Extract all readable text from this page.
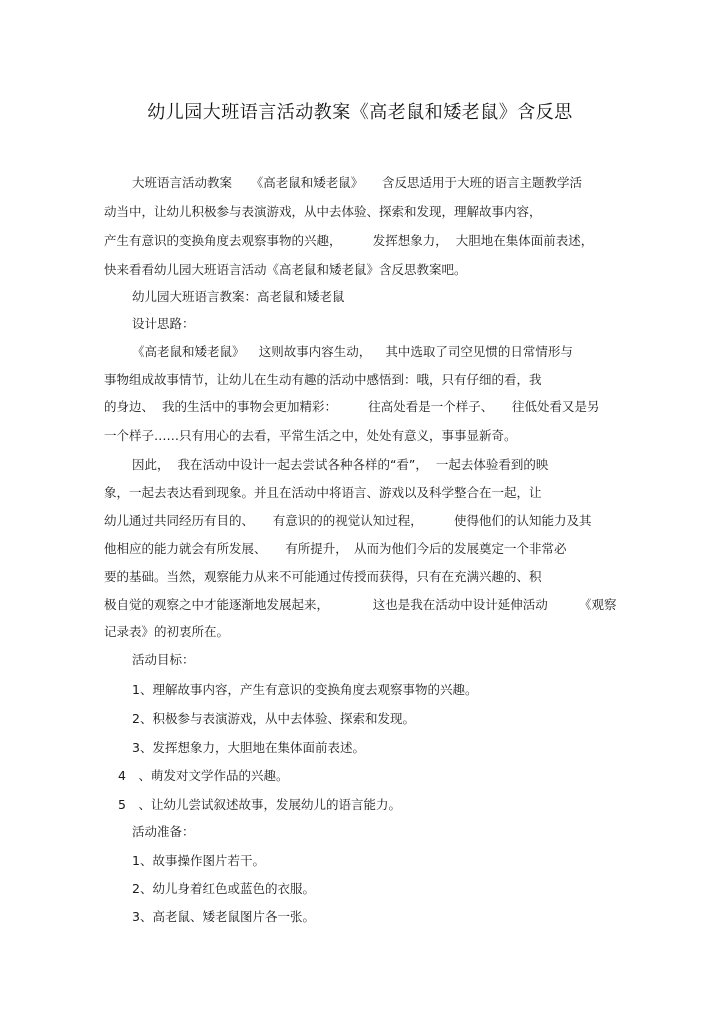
幼儿园大班语言活动教案《高老鼠和矮老鼠》含反思
大班语言活动教案　　《高老鼠和矮老鼠》　　含反思适用于大班的语言主题教学活
动当中，让幼儿积极参与表演游戏，从中去体验、探索和发现，理解故事内容，
产生有意识的变换角度去观察事物的兴趣，　　　发挥想象力，  大胆地在集体面前表述，
快来看看幼儿园大班语言活动《高老鼠和矮老鼠》含反思教案吧。
幼儿园大班语言教案：高老鼠和矮老鼠
设计思路：
《高老鼠和矮老鼠》　  这则故事内容生动，　  其中选取了司空见惯的日常情形与
事物组成故事情节，让幼儿在生动有趣的活动中感悟到：哦，只有仔细的看，我
的身边、  我的生活中的事物会更加精彩：　　　往高处看是一个样子、　　往低处看又是另
一个样子……只有用心的去看，平常生活之中，处处有意义，事事显新奇。
因此，  我在活动中设计一起去尝试各种各样的“看”，  一起去体验看到的映
象，一起去表达看到现象。并且在活动中将语言、游戏以及科学整合在一起，让
幼儿通过共同经历有目的、　　有意识的的视觉认知过程，　　　使得他们的认知能力及其
他相应的能力就会有所发展、　　有所提升，　从而为他们今后的发展奠定一个非常必
要的基础。当然，观察能力从来不可能通过传授而获得，只有在充满兴趣的、积
极自觉的观察之中才能逐渐地发展起来，　　　　这也是我在活动中设计延伸活动　　　《观察
记录表》的初衷所在。
活动目标：
1、理解故事内容，产生有意识的变换角度去观察事物的兴趣。
2、积极参与表演游戏，从中去体验、探索和发现。
3、发挥想象力，大胆地在集体面前表述。
4　、萌发对文学作品的兴趣。
5　、让幼儿尝试叙述故事，发展幼儿的语言能力。
活动准备：
1、故事操作图片若干。
2、幼儿身着红色或蓝色的衣服。
3、高老鼠、矮老鼠图片各一张。
